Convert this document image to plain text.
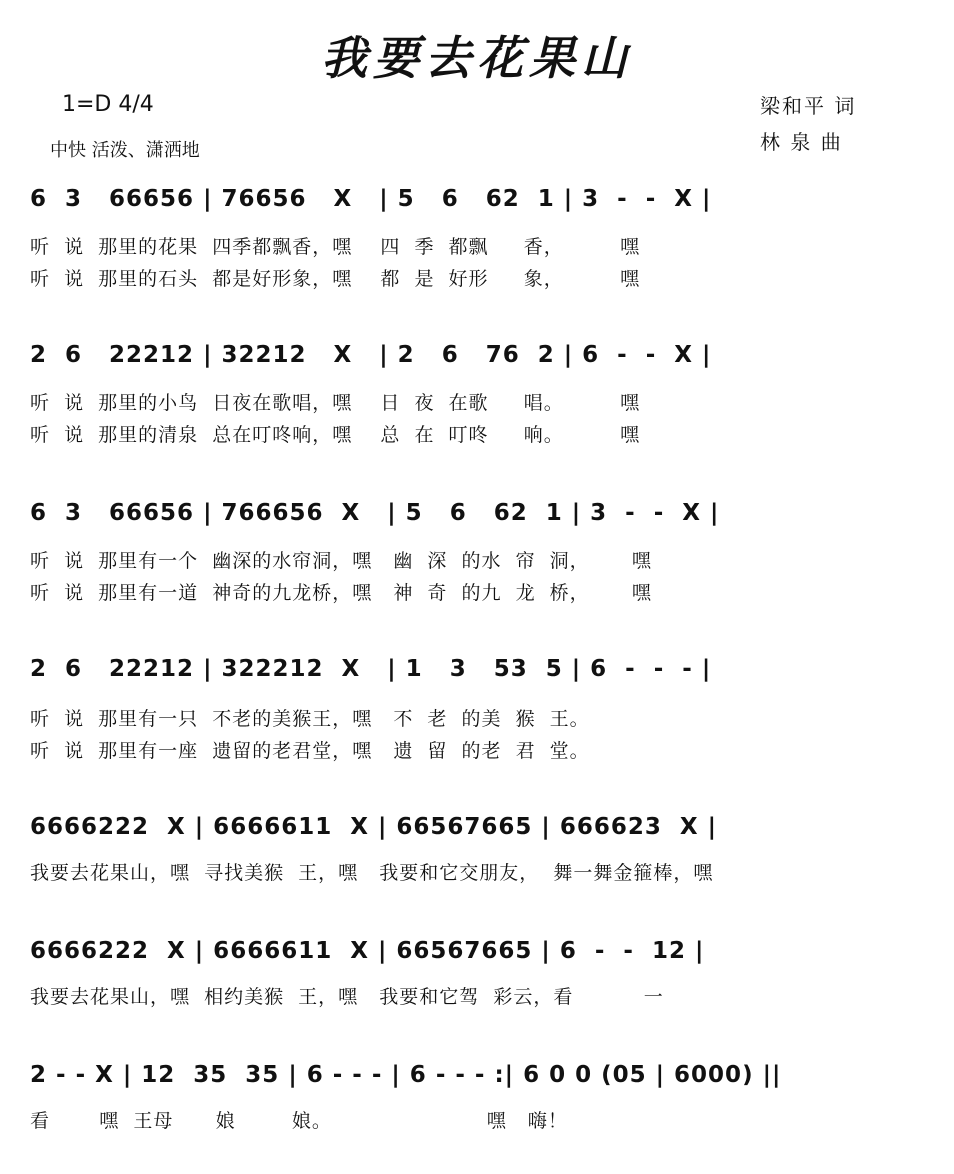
我要去花果山
1=D 4/4
中快 活泼、潇洒地
梁和平 词
林 泉 曲
6  3   66656 | 76656   X   | 5   6   62  1 | 3  -  -  X |
听  说  那里的花果  四季都飘香，嘿    四  季  都飘     香，        嘿
听  说  那里的石头  都是好形象，嘿    都  是  好形     象，        嘿
2  6   22212 | 32212   X   | 2   6   76  2 | 6  -  -  X |
听  说  那里的小鸟  日夜在歌唱，嘿    日  夜  在歌     唱。        嘿
听  说  那里的清泉  总在叮咚响，嘿    总  在  叮咚     响。        嘿
6  3   66656 | 766656  X   | 5   6   62  1 | 3  -  -  X |
听  说  那里有一个  幽深的水帘洞，嘿   幽  深  的水  帘  洞，      嘿
听  说  那里有一道  神奇的九龙桥，嘿   神  奇  的九  龙  桥，      嘿
2  6   22212 | 322212  X   | 1   3   53  5 | 6  -  -  - |
听  说  那里有一只  不老的美猴王，嘿   不  老  的美  猴  王。
听  说  那里有一座  遗留的老君堂，嘿   遗  留  的老  君  堂。
6666222  X | 6666611  X | 66567665 | 666623  X |
我要去花果山，嘿  寻找美猴  王，嘿   我要和它交朋友，  舞一舞金箍棒，嘿
6666222  X | 6666611  X | 66567665 | 6  -  -  12 |
我要去花果山，嘿  相约美猴  王，嘿   我要和它驾  彩云，看          一
2 - - X | 12  35  35 | 6 - - - | 6 - - - :| 6 0 0 (05 | 6000) ||
看       嘿  王母      娘        娘。                      嘿   嗨！
